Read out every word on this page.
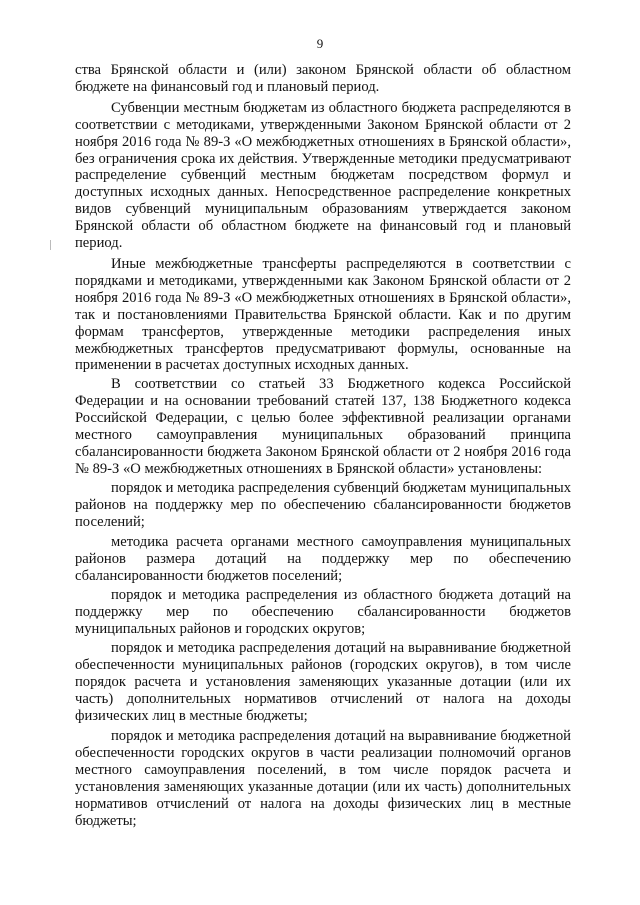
9

ства Брянской области и (или) законом Брянской области об областном бюджете на финансовый год и плановый период.

Субвенции местным бюджетам из областного бюджета распределяются в соответствии с методиками, утвержденными Законом Брянской области от 2 ноября 2016 года № 89-З «О межбюджетных отношениях в Брянской области», без ограничения срока их действия. Утвержденные методики предусматривают распределение субвенций местным бюджетам посредством формул и доступных исходных данных. Непосредственное распределение конкретных видов субвенций муниципальным образованиям утверждается законом Брянской области об областном бюджете на финансовый год и плановый период.

Иные межбюджетные трансферты распределяются в соответствии с порядками и методиками, утвержденными как Законом Брянской области от 2 ноября 2016 года № 89-З «О межбюджетных отношениях в Брянской области», так и постановлениями Правительства Брянской области. Как и по другим формам трансфертов, утвержденные методики распределения иных межбюджетных трансфертов предусматривают формулы, основанные на применении в расчетах доступных исходных данных.

В соответствии со статьей 33 Бюджетного кодекса Российской Федерации и на основании требований статей 137, 138 Бюджетного кодекса Российской Федерации, с целью более эффективной реализации органами местного самоуправления муниципальных образований принципа сбалансированности бюджета Законом Брянской области от 2 ноября 2016 года № 89-З «О межбюджетных отношениях в Брянской области» установлены:

порядок и методика распределения субвенций бюджетам муниципальных районов на поддержку мер по обеспечению сбалансированности бюджетов поселений;

методика расчета органами местного самоуправления муниципальных районов размера дотаций на поддержку мер по обеспечению сбалансированности бюджетов поселений;

порядок и методика распределения из областного бюджета дотаций на поддержку мер по обеспечению сбалансированности бюджетов муниципальных районов и городских округов;

порядок и методика распределения дотаций на выравнивание бюджетной обеспеченности муниципальных районов (городских округов), в том числе порядок расчета и установления заменяющих указанные дотации (или их часть) дополнительных нормативов отчислений от налога на доходы физических лиц в местные бюджеты;

порядок и методика распределения дотаций на выравнивание бюджетной обеспеченности городских округов в части реализации полномочий органов местного самоуправления поселений, в том числе порядок расчета и установления заменяющих указанные дотации (или их часть) дополнительных нормативов отчислений от налога на доходы физических лиц в местные бюджеты;
